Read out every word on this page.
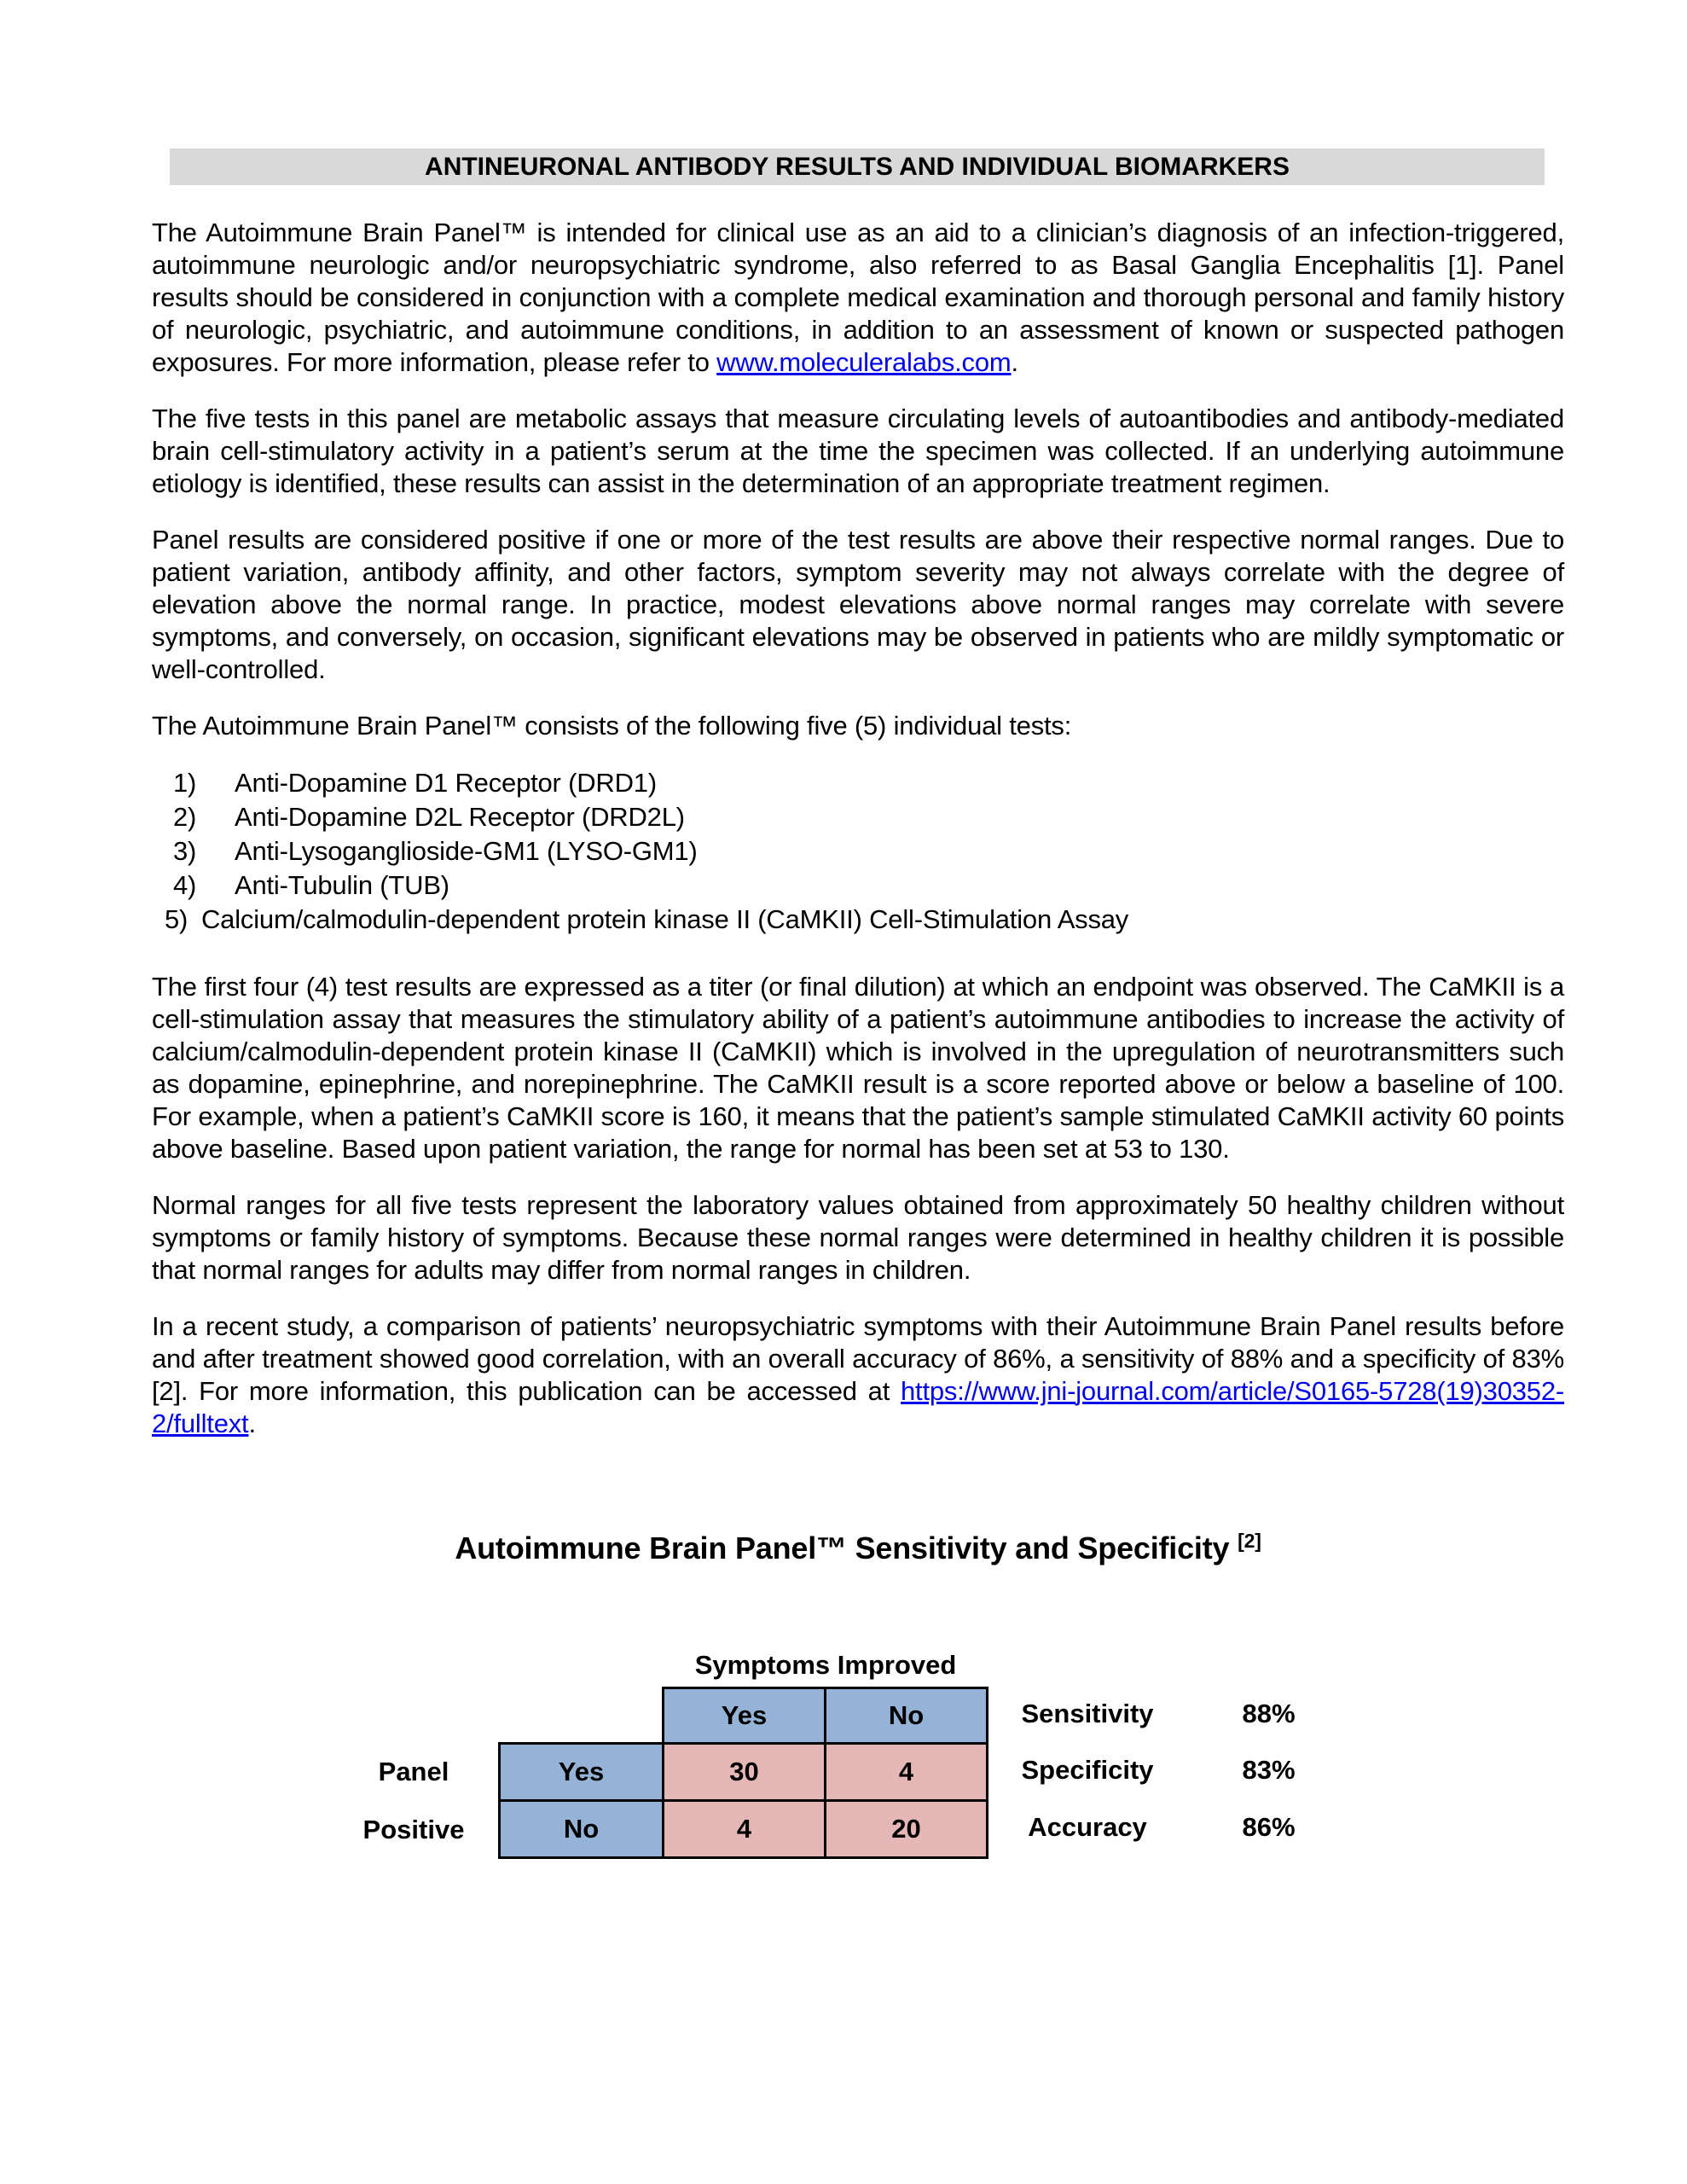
ANTINEURONAL ANTIBODY RESULTS AND INDIVIDUAL BIOMARKERS

The Autoimmune Brain Panel™ is intended for clinical use as an aid to a clinician’s diagnosis of an infection-triggered, autoimmune neurologic and/or neuropsychiatric syndrome, also referred to as Basal Ganglia Encephalitis [1]. Panel results should be considered in conjunction with a complete medical examination and thorough personal and family history of neurologic, psychiatric, and autoimmune conditions, in addition to an assessment of known or suspected pathogen exposures. For more information, please refer to www.moleculeralabs.com.

The five tests in this panel are metabolic assays that measure circulating levels of autoantibodies and antibody-mediated brain cell-stimulatory activity in a patient’s serum at the time the specimen was collected. If an underlying autoimmune etiology is identified, these results can assist in the determination of an appropriate treatment regimen.

Panel results are considered positive if one or more of the test results are above their respective normal ranges. Due to patient variation, antibody affinity, and other factors, symptom severity may not always correlate with the degree of elevation above the normal range. In practice, modest elevations above normal ranges may correlate with severe symptoms, and conversely, on occasion, significant elevations may be observed in patients who are mildly symptomatic or well-controlled.

The Autoimmune Brain Panel™ consists of the following five (5) individual tests:

1)	Anti-Dopamine D1 Receptor (DRD1)
2)	Anti-Dopamine D2L Receptor (DRD2L)
3)	Anti-Lysoganglioside-GM1 (LYSO-GM1)
4)	Anti-Tubulin (TUB)
5) Calcium/calmodulin-dependent protein kinase II (CaMKII) Cell-Stimulation Assay

The first four (4) test results are expressed as a titer (or final dilution) at which an endpoint was observed. The CaMKII is a cell-stimulation assay that measures the stimulatory ability of a patient’s autoimmune antibodies to increase the activity of calcium/calmodulin-dependent protein kinase II (CaMKII) which is involved in the upregulation of neurotransmitters such as dopamine, epinephrine, and norepinephrine. The CaMKII result is a score reported above or below a baseline of 100. For example, when a patient’s CaMKII score is 160, it means that the patient’s sample stimulated CaMKII activity 60 points above baseline. Based upon patient variation, the range for normal has been set at 53 to 130.

Normal ranges for all five tests represent the laboratory values obtained from approximately 50 healthy children without symptoms or family history of symptoms. Because these normal ranges were determined in healthy children it is possible that normal ranges for adults may differ from normal ranges in children.

In a recent study, a comparison of patients’ neuropsychiatric symptoms with their Autoimmune Brain Panel results before and after treatment showed good correlation, with an overall accuracy of 86%, a sensitivity of 88% and a specificity of 83% [2]. For more information, this publication can be accessed at https://www.jni-journal.com/article/S0165-5728(19)30352-2/fulltext.

Autoimmune Brain Panel™ Sensitivity and Specificity [2]
Symptoms Improved
Panel
Positive
	Yes	No
Yes	30	4
No	4	20
Sensitivity	88%
Specificity	83%
Accuracy	86%
